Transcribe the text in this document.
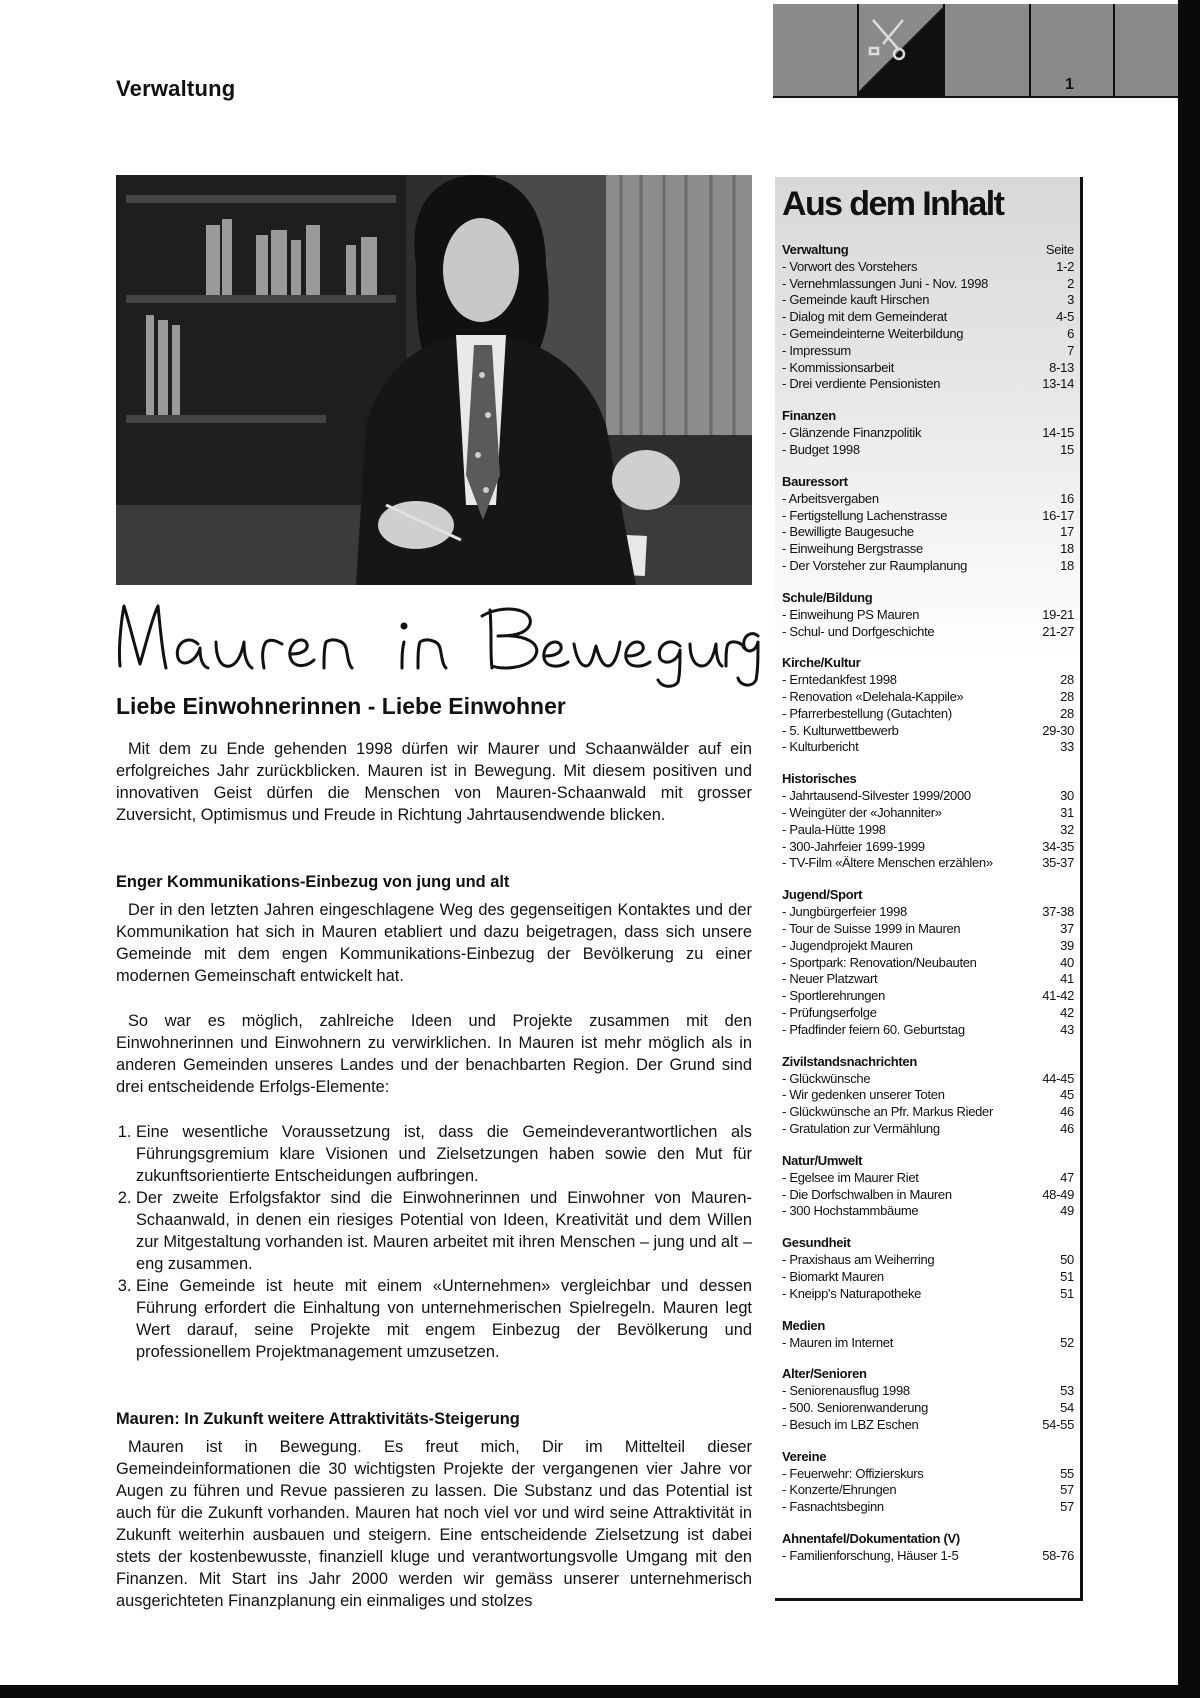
Verwaltung	1
Liebe Einwohnerinnen - Liebe Einwohner

Mit dem zu Ende gehenden 1998 dürfen wir Maurer und Schaanwälder auf ein erfolgreiches Jahr zurückblicken. Mauren ist in Bewegung. Mit diesem positiven und innovativen Geist dürfen die Menschen von Mauren-Schaanwald mit grosser Zuversicht, Optimismus und Freude in Richtung Jahrtausendwende blicken.

Enger Kommunikations-Einbezug von jung und alt

Der in den letzten Jahren eingeschlagene Weg des gegenseitigen Kontaktes und der Kommunikation hat sich in Mauren etabliert und dazu beigetragen, dass sich unsere Gemeinde mit dem engen Kommunikations-Einbezug der Bevölkerung zu einer modernen Gemeinschaft entwickelt hat.

So war es möglich, zahlreiche Ideen und Projekte zusammen mit den Einwohnerinnen und Einwohnern zu verwirklichen. In Mauren ist mehr möglich als in anderen Gemeinden unseres Landes und der benachbarten Region. Der Grund sind drei entscheidende Erfolgs-Elemente:

1. Eine wesentliche Voraussetzung ist, dass die Gemeindeverantwortlichen als Führungsgremium klare Visionen und Zielsetzungen haben sowie den Mut für zukunftsorientierte Entscheidungen aufbringen.
2. Der zweite Erfolgsfaktor sind die Einwohnerinnen und Einwohner von Mauren-Schaanwald, in denen ein riesiges Potential von Ideen, Kreativität und dem Willen zur Mitgestaltung vorhanden ist. Mauren arbeitet mit ihren Menschen – jung und alt – eng zusammen.
3. Eine Gemeinde ist heute mit einem «Unternehmen» vergleichbar und dessen Führung erfordert die Einhaltung von unternehmerischen Spielregeln. Mauren legt Wert darauf, seine Projekte mit engem Einbezug der Bevölkerung und professionellem Projektmanagement umzusetzen.
Mauren: In Zukunft weitere Attraktivitäts-Steigerung

Mauren ist in Bewegung. Es freut mich, Dir im Mittelteil dieser Gemeindeinformationen die 30 wichtigsten Projekte der vergangenen vier Jahre vor Augen zu führen und Revue passieren zu lassen. Die Substanz und das Potential ist auch für die Zukunft vorhanden. Mauren hat noch viel vor und wird seine Attraktivität in Zukunft weiterhin ausbauen und steigern. Eine entscheidende Zielsetzung ist dabei stets der kostenbewusste, finanziell kluge und verantwortungsvolle Umgang mit den Finanzen. Mit Start ins Jahr 2000 werden wir gemäss unserer unternehmerisch ausgerichteten Finanzplanung ein einmaliges und stolzes

Aus dem Inhalt
Verwaltung	Seite
- Vorwort des Vorstehers	1-2
- Vernehmlassungen Juni - Nov. 1998	2
- Gemeinde kauft Hirschen	3
- Dialog mit dem Gemeinderat	4-5
- Gemeindeinterne Weiterbildung	6
- Impressum	7
- Kommissionsarbeit	8-13
- Drei verdiente Pensionisten	13-14
Finanzen
- Glänzende Finanzpolitik	14-15
- Budget 1998	15
Bauressort
- Arbeitsvergaben	16
- Fertigstellung Lachenstrasse	16-17
- Bewilligte Baugesuche	17
- Einweihung Bergstrasse	18
- Der Vorsteher zur Raumplanung	18
Schule/Bildung
- Einweihung PS Mauren	19-21
- Schul- und Dorfgeschichte	21-27
Kirche/Kultur
- Erntedankfest 1998	28
- Renovation «Delehala-Kappile»	28
- Pfarrerbestellung (Gutachten)	28
- 5. Kulturwettbewerb	29-30
- Kulturbericht	33
Historisches
- Jahrtausend-Silvester 1999/2000	30
- Weingüter der «Johanniter»	31
- Paula-Hütte 1998	32
- 300-Jahrfeier 1699-1999	34-35
- TV-Film «Ältere Menschen erzählen»	35-37
Jugend/Sport
- Jungbürgerfeier 1998	37-38
- Tour de Suisse 1999 in Mauren	37
- Jugendprojekt Mauren	39
- Sportpark: Renovation/Neubauten	40
- Neuer Platzwart	41
- Sportlerehrungen	41-42
- Prüfungserfolge	42
- Pfadfinder feiern 60. Geburtstag	43
Zivilstandsnachrichten
- Glückwünsche	44-45
- Wir gedenken unserer Toten	45
- Glückwünsche an Pfr. Markus Rieder	46
- Gratulation zur Vermählung	46
Natur/Umwelt
- Egelsee im Maurer Riet	47
- Die Dorfschwalben in Mauren	48-49
- 300 Hochstammbäume	49
Gesundheit
- Praxishaus am Weiherring	50
- Biomarkt Mauren	51
- Kneipp's Naturapotheke	51
Medien
- Mauren im Internet	52
Alter/Senioren
- Seniorenausflug 1998	53
- 500. Seniorenwanderung	54
- Besuch im LBZ Eschen	54-55
Vereine
- Feuerwehr: Offizierskurs	55
- Konzerte/Ehrungen	57
- Fasnachtsbeginn	57
Ahnentafel/Dokumentation (V)
- Familienforschung, Häuser 1-5	58-76
